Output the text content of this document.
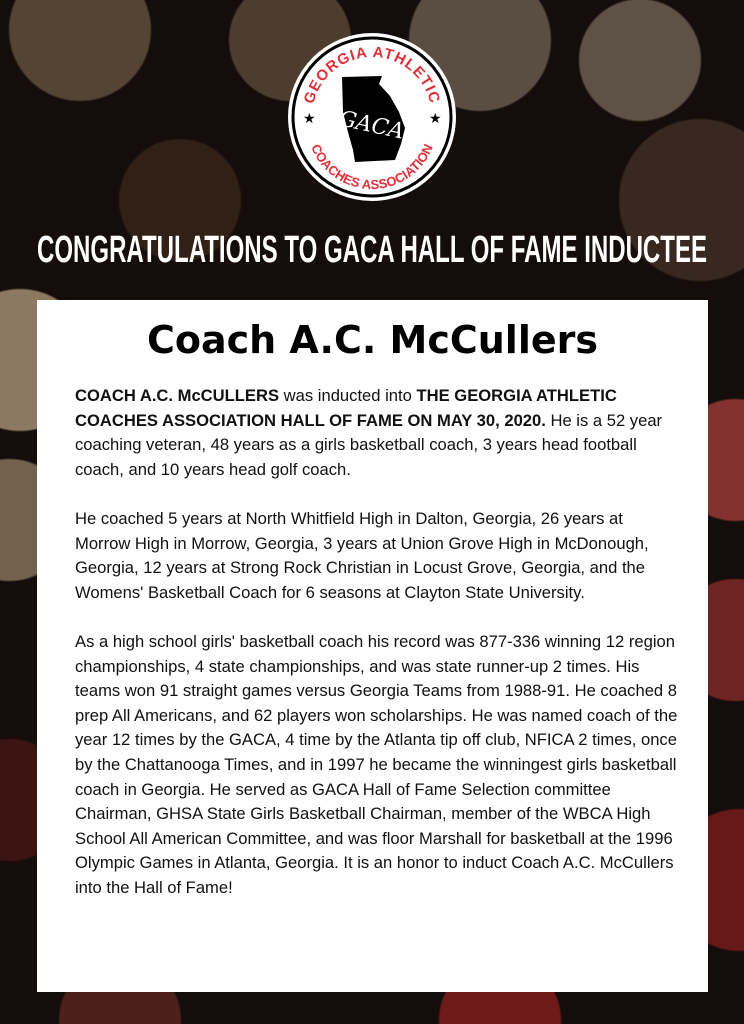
GEORGIA ATHLETIC
COACHES ASSOCIATION
★	★
GACA
CONGRATULATIONS TO GACA HALL OF FAME INDUCTEE
Coach A.C. McCullers

COACH A.C. McCULLERS was inducted into THE GEORGIA ATHLETIC COACHES ASSOCIATION HALL OF FAME ON MAY 30, 2020. He is a 52 year coaching veteran, 48 years as a girls basketball coach, 3 years head football coach, and 10 years head golf coach.

He coached 5 years at North Whitfield High in Dalton, Georgia, 26 years at Morrow High in Morrow, Georgia, 3 years at Union Grove High in McDonough, Georgia, 12 years at Strong Rock Christian in Locust Grove, Georgia, and the Womens' Basketball Coach for 6 seasons at Clayton State University.

As a high school girls' basketball coach his record was 877-336 winning 12 region championships, 4 state championships, and was state runner-up 2 times. His teams won 91 straight games versus Georgia Teams from 1988-91. He coached 8 prep All Americans, and 62 players won scholarships. He was named coach of the year 12 times by the GACA, 4 time by the Atlanta tip off club, NFICA 2 times, once by the Chattanooga Times, and in 1997 he became the winningest girls basketball coach in Georgia. He served as GACA Hall of Fame Selection committee Chairman, GHSA State Girls Basketball Chairman, member of the WBCA High School All American Committee, and was floor Marshall for basketball at the 1996 Olympic Games in Atlanta, Georgia. It is an honor to induct Coach A.C. McCullers into the Hall of Fame!
